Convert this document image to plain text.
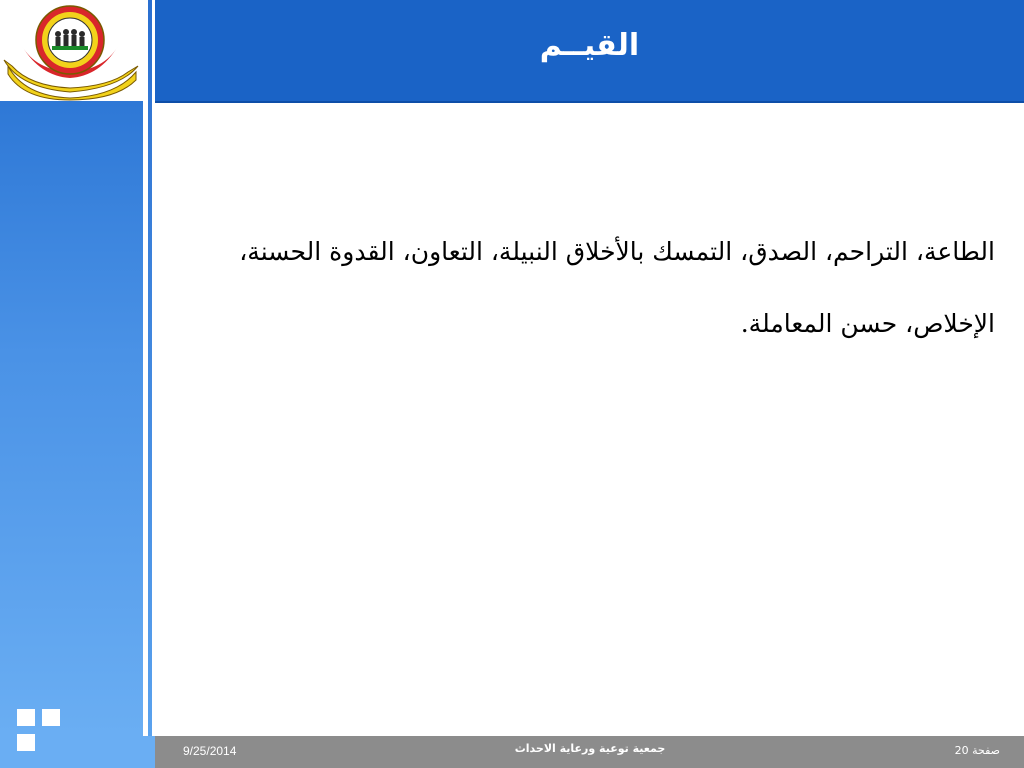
القيــم
الطاعة، التراحم، الصدق، التمسك بالأخلاق النبيلة، التعاون، القدوة الحسنة، الإخلاص، حسن المعاملة.
9/25/2014	جمعية توعية ورعاية الاحداث	صفحة 20
